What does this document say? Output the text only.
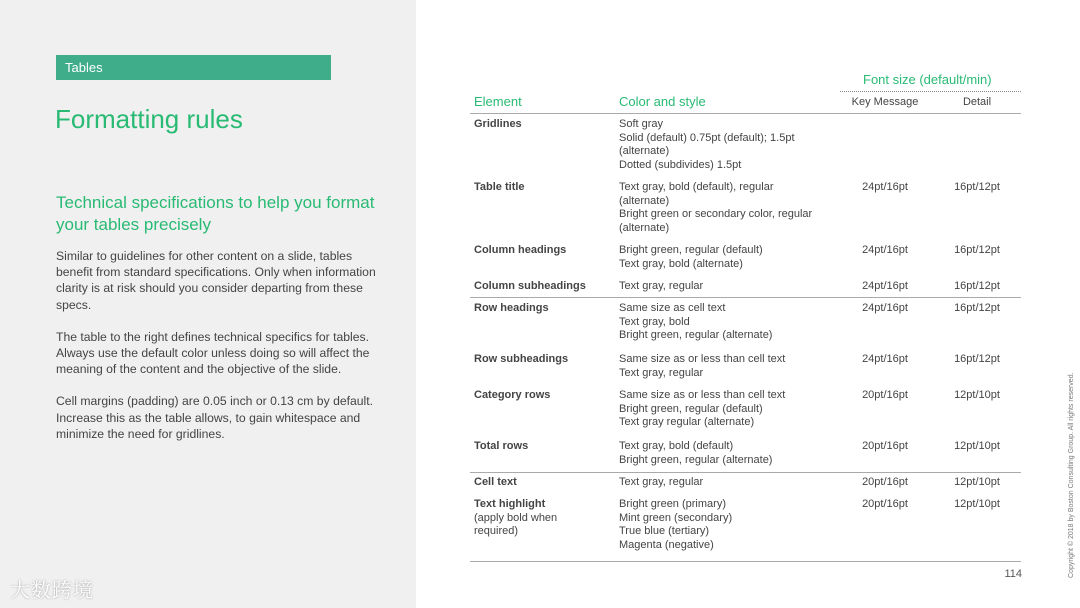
Tables
Formatting rules
Technical specifications to help you format your tables precisely
Similar to guidelines for other content on a slide, tables benefit from standard specifications. Only when information clarity is at risk should you consider departing from these specs.
The table to the right defines technical specifics for tables. Always use the default color unless doing so will affect the meaning of the content and the objective of the slide.
Cell margins (padding) are 0.05 inch or 0.13 cm by default. Increase this as the table allows, to gain whitespace and minimize the need for gridlines.
大数跨境
Font size (default/min)
Element	Color and style	Key Message	Detail
Gridlines	Soft gray
Solid (default) 0.75pt (default); 1.5pt
(alternate)
Dotted (subdivides) 1.5pt
Table title	Text gray, bold (default), regular
(alternate)
Bright green or secondary color, regular
(alternate)
24pt/16pt	16pt/12pt
Column headings	Bright green, regular (default)
Text gray, bold (alternate)
24pt/16pt	16pt/12pt
Column subheadings	Text gray, regular	24pt/16pt	16pt/12pt
Row headings	Same size as cell text
Text gray, bold
Bright green, regular (alternate)
24pt/16pt	16pt/12pt
Row subheadings	Same size as or less than cell text
Text gray, regular
24pt/16pt	16pt/12pt
Category rows	Same size as or less than cell text
Bright green, regular (default)
Text gray regular (alternate)
20pt/16pt	12pt/10pt
Total rows	Text gray, bold (default)
Bright green, regular (alternate)
20pt/16pt	12pt/10pt
Cell text	Text gray, regular	20pt/16pt	12pt/10pt
Text highlight
(apply bold when required)
Bright green (primary)
Mint green (secondary)
True blue (tertiary)
Magenta (negative)
20pt/16pt	12pt/10pt
114	Copyright © 2018 by Boston Consulting Group. All rights reserved.
